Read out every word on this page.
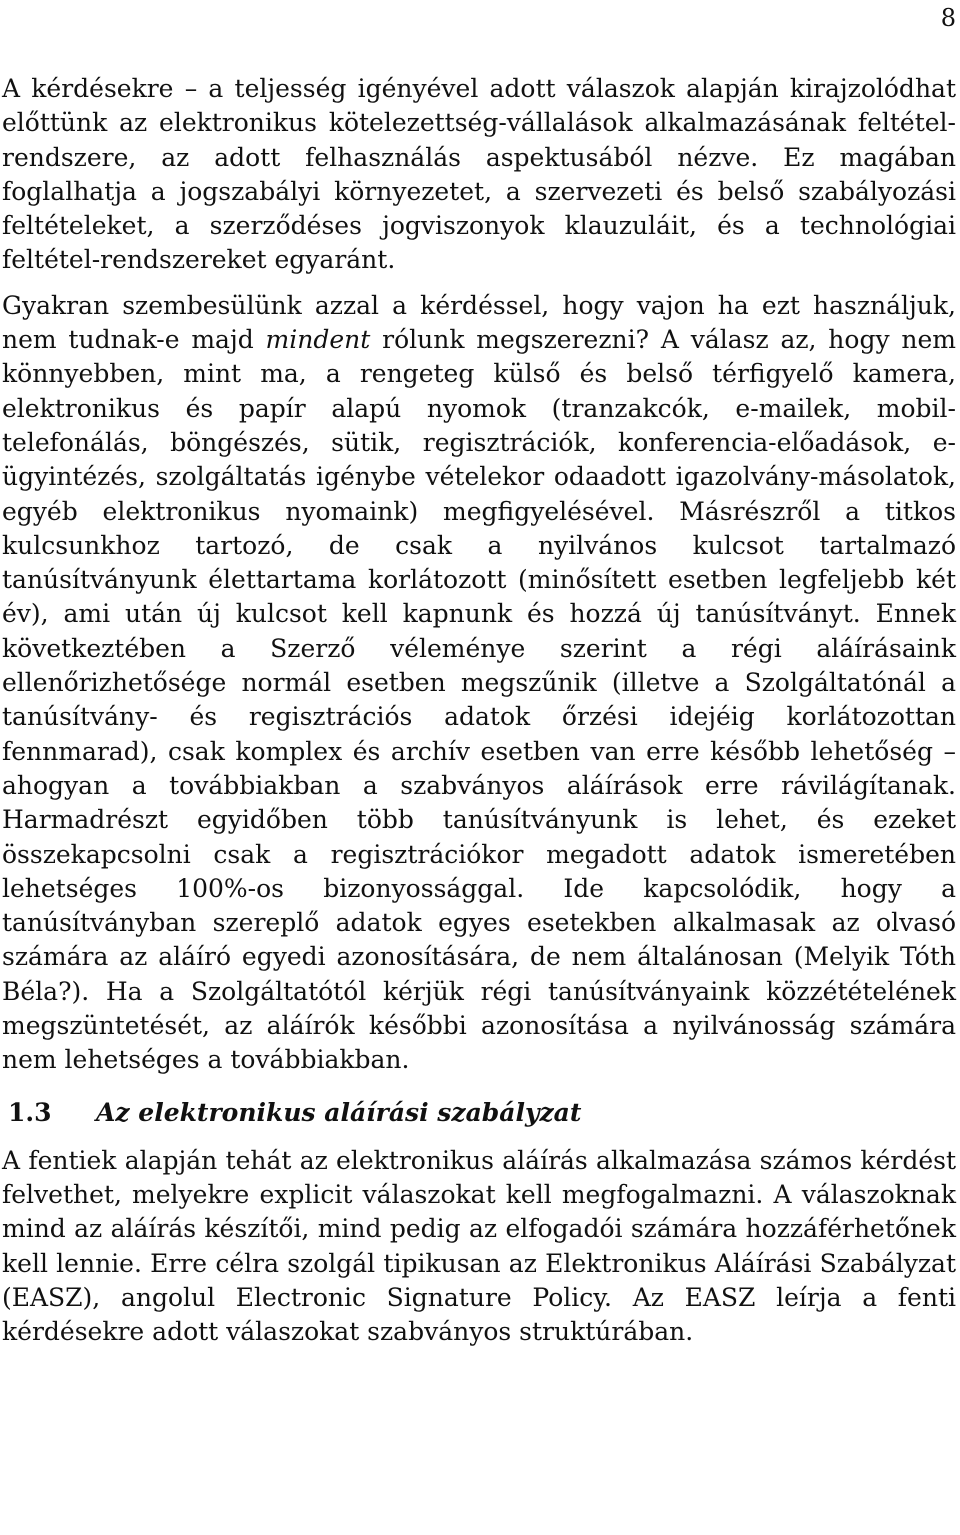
8

A kérdésekre – a teljesség igényével adott válaszok alapján kirajzolódhat előttünk az elektronikus kötelezettség-vállalások alkalmazásának feltétel-rendszere, az adott felhasználás aspektusából nézve. Ez magában foglalhatja a jogszabályi környezetet, a szervezeti és belső szabályozási feltételeket, a szerződéses jogviszonyok klauzuláit, és a technológiai feltétel-rendszereket egyaránt.

Gyakran szembesülünk azzal a kérdéssel, hogy vajon ha ezt használjuk, nem tudnak-e majd mindent rólunk megszerezni? A válasz az, hogy nem könnyebben, mint ma, a rengeteg külső és belső térfigyelő kamera, elektronikus és papír alapú nyomok (tranzakcók, e-mailek, mobil-telefonálás, böngészés, sütik, regisztrációk, konferencia-előadások, e-ügyintézés, szolgáltatás igénybe vételekor odaadott igazolvány-másolatok, egyéb elektronikus nyomaink) megfigyelésével. Másrészről a titkos kulcsunkhoz tartozó, de csak a nyilvános kulcsot tartalmazó tanúsítványunk élettartama korlátozott (minősített esetben legfeljebb két év), ami után új kulcsot kell kapnunk és hozzá új tanúsítványt. Ennek következtében a Szerző véleménye szerint a régi aláírásaink ellenőrizhetősége normál esetben megszűnik (illetve a Szolgáltatónál a tanúsítvány- és regisztrációs adatok őrzési idejéig korlátozottan fennmarad), csak komplex és archív esetben van erre később lehetőség – ahogyan a továbbiakban a szabványos aláírások erre rávilágítanak. Harmadrészt egyidőben több tanúsítványunk is lehet, és ezeket összekapcsolni csak a regisztrációkor megadott adatok ismeretében lehetséges 100%-os bizonyossággal. Ide kapcsolódik, hogy a tanúsítványban szereplő adatok egyes esetekben alkalmasak az olvasó számára az aláíró egyedi azonosítására, de nem általánosan (Melyik Tóth Béla?). Ha a Szolgáltatótól kérjük régi tanúsítványaink közzétételének megszüntetését, az aláírók későbbi azonosítása a nyilvánosság számára nem lehetséges a továbbiakban.

1.3 Az elektronikus aláírási szabályzat

A fentiek alapján tehát az elektronikus aláírás alkalmazása számos kérdést felvethet, melyekre explicit válaszokat kell megfogalmazni. A válaszoknak mind az aláírás készítői, mind pedig az elfogadói számára hozzáférhetőnek kell lennie. Erre célra szolgál tipikusan az Elektronikus Aláírási Szabályzat (EASZ), angolul Electronic Signature Policy. Az EASZ leírja a fenti kérdésekre adott válaszokat szabványos struktúrában.
